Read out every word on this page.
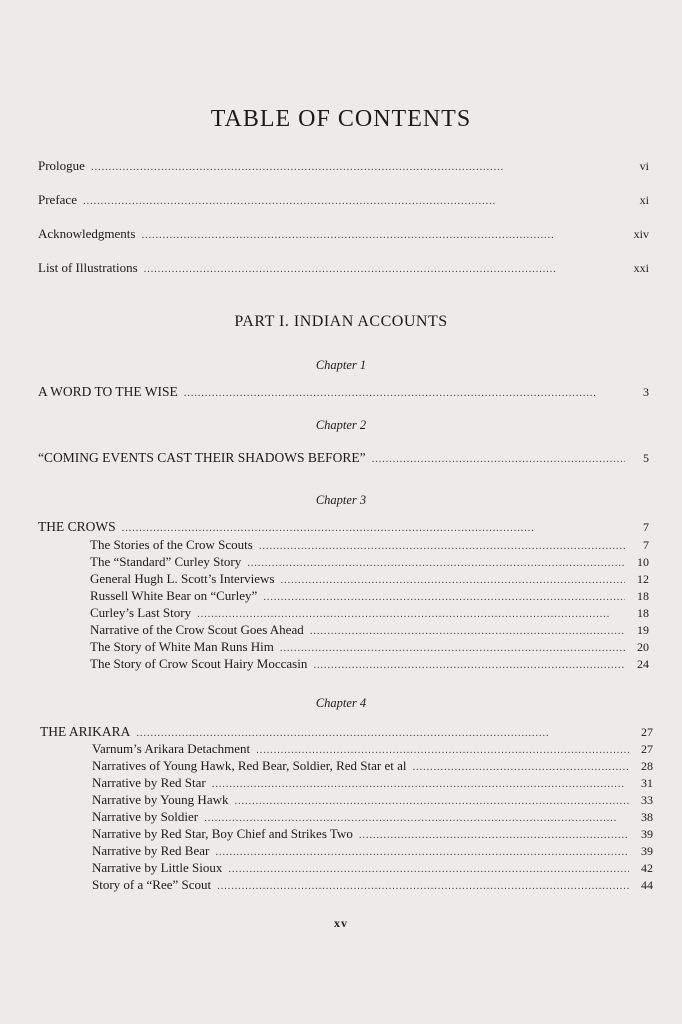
TABLE OF CONTENTS
Prologue . . .	vi
Preface . . .	xi
Acknowledgments . . .	xiv
List of Illustrations . . .	xxi
PART I. INDIAN ACCOUNTS
Chapter 1
A WORD TO THE WISE . . .	3
Chapter 2
“COMING EVENTS CAST THEIR SHADOWS BEFORE” . . .	5
Chapter 3
THE CROWS . . .	7
The Stories of the Crow Scouts . . .	7
The “Standard” Curley Story . . .	10
General Hugh L. Scott’s Interviews . . .	12
Russell White Bear on “Curley” . . .	18
Curley’s Last Story . . .	18
Narrative of the Crow Scout Goes Ahead . . .	19
The Story of White Man Runs Him . . .	20
The Story of Crow Scout Hairy Moccasin . . .	24
Chapter 4
THE ARIKARA . . .	27
Varnum’s Arikara Detachment . . .	27
Narratives of Young Hawk, Red Bear, Soldier, Red Star et al . . .	28
Narrative by Red Star . . .	31
Narrative by Young Hawk . . .	33
Narrative by Soldier . . .	38
Narrative by Red Star, Boy Chief and Strikes Two . . .	39
Narrative by Red Bear . . .	39
Narrative by Little Sioux . . .	42
Story of a “Ree” Scout . . .	44
xv
